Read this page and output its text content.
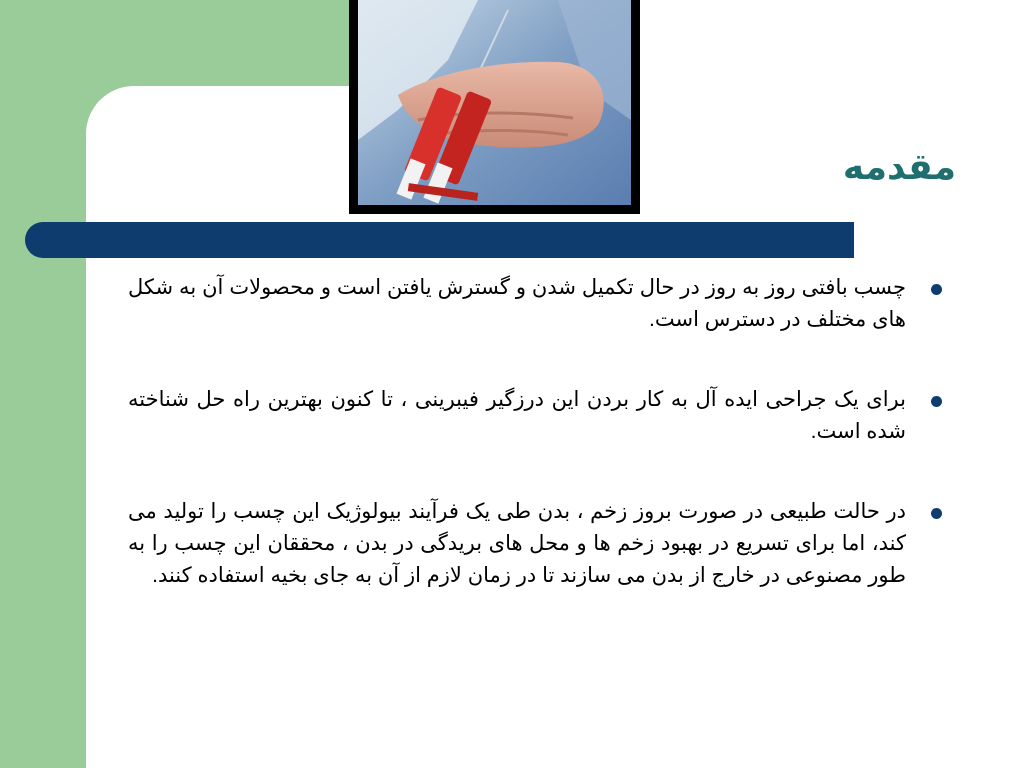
مقدمه

چسب بافتی روز به روز در حال تکمیل شدن و گسترش یافتن است و محصولات آن به شکل های مختلف در دسترس است.

برای یک جراحی ایده آل به کار بردن این درزگیر فیبرینی ، تا کنون بهترین راه حل شناخته شده است.

در حالت طبیعی در صورت بروز زخم ، بدن طی یک فرآیند بیولوژیک این چسب را تولید می کند، اما برای تسریع در بهبود زخم ها و محل های بریدگی در بدن ، محققان این چسب را به طور مصنوعی در خارج از بدن می سازند تا در زمان لازم از آن به جای بخیه استفاده کنند.
